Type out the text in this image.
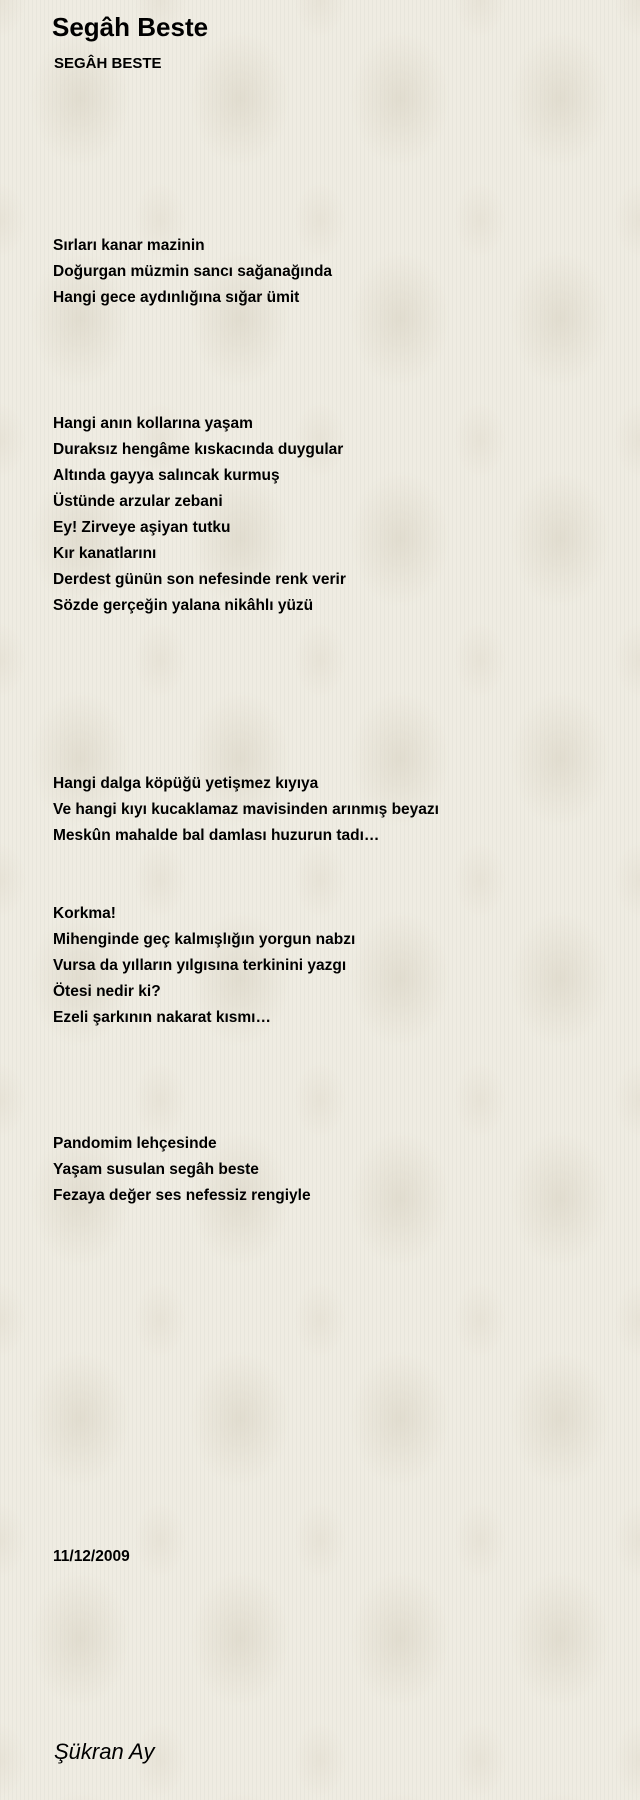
Segâh Beste
SEGÂH BESTE
Sırları kanar mazinin
Doğurgan müzmin sancı sağanağında
Hangi gece aydınlığına sığar ümit
Hangi anın kollarına yaşam
Duraksız hengâme kıskacında duygular
Altında gayya salıncak kurmuş
Üstünde arzular zebani
Ey! Zirveye aşiyan tutku
Kır kanatlarını
Derdest günün son nefesinde renk verir
Sözde gerçeğin yalana nikâhlı yüzü
Hangi dalga köpüğü yetişmez kıyıya
Ve hangi kıyı kucaklamaz mavisinden arınmış beyazı
Meskûn mahalde bal damlası huzurun tadı…
Korkma!
Mihenginde geç kalmışlığın yorgun nabzı
Vursa da yılların yılgısına terkinini yazgı
Ötesi nedir ki?
Ezeli şarkının nakarat kısmı…
Pandomim lehçesinde
Yaşam susulan segâh beste
Fezaya değer ses nefessiz rengiyle
11/12/2009
Şükran Ay
